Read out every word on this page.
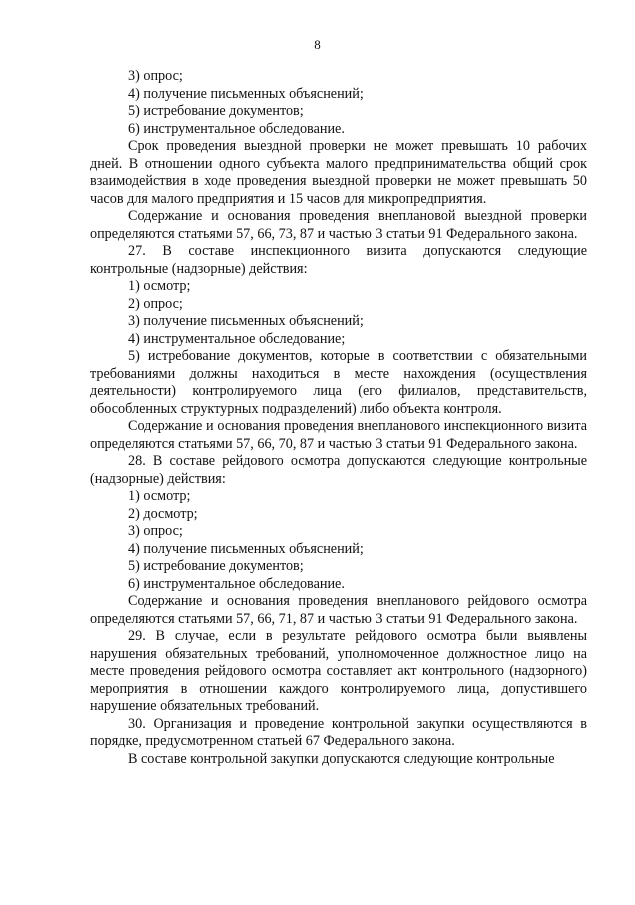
8

3) опрос;

4) получение письменных объяснений;

5) истребование документов;

6) инструментальное обследование.

Срок проведения выездной проверки не может превышать 10 рабочих дней. В отношении одного субъекта малого предпринимательства общий срок взаимодействия в ходе проведения выездной проверки не может превышать 50 часов для малого предприятия и 15 часов для микропредприятия.

Содержание и основания проведения внеплановой выездной проверки определяются статьями 57, 66, 73, 87 и частью 3 статьи 91 Федерального закона.

27. В составе инспекционного визита допускаются следующие контрольные (надзорные) действия:

1) осмотр;

2) опрос;

3) получение письменных объяснений;

4) инструментальное обследование;

5) истребование документов, которые в соответствии с обязательными требованиями должны находиться в месте нахождения (осуществления деятельности) контролируемого лица (его филиалов, представительств, обособленных структурных подразделений) либо объекта контроля.

Содержание и основания проведения внепланового инспекционного визита определяются статьями 57, 66, 70, 87 и частью 3 статьи 91 Федерального закона.

28. В составе рейдового осмотра допускаются следующие контрольные (надзорные) действия:

1) осмотр;

2) досмотр;

3) опрос;

4) получение письменных объяснений;

5) истребование документов;

6) инструментальное обследование.

Содержание и основания проведения внепланового рейдового осмотра определяются статьями 57, 66, 71, 87 и частью 3 статьи 91 Федерального закона.

29. В случае, если в результате рейдового осмотра были выявлены нарушения обязательных требований, уполномоченное должностное лицо на месте проведения рейдового осмотра составляет акт контрольного (надзорного) мероприятия в отношении каждого контролируемого лица, допустившего нарушение обязательных требований.

30. Организация и проведение контрольной закупки осуществляются в порядке, предусмотренном статьей 67 Федерального закона.

В составе контрольной закупки допускаются следующие контрольные
